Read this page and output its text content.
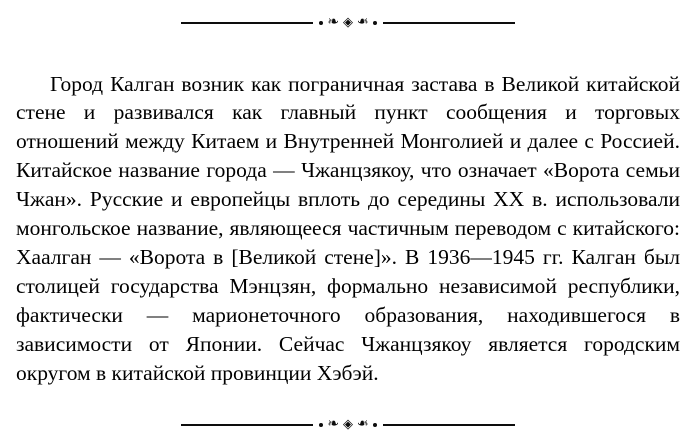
❧ ◈ ❧

Город Калган возник как пограничная застава в Великой китайской стене и развивался как главный пункт сообщения и торговых отношений между Китаем и Внутренней Монголией и далее с Россией. Китайское название города — Чжанцзякоу, что означает «Ворота семьи Чжан». Русские и европейцы вплоть до середины XX в. использовали монгольское название, являющееся частичным переводом с китайского: Хаалган — «Ворота в [Великой стене]». В 1936—1945 гг. Калган был столицей государства Мэнцзян, формально независимой республики, фактически — марионеточного образования, находившегося в зависимости от Японии. Сейчас Чжанцзякоу является городским округом в китайской провинции Хэбэй.

❧ ◈ ❧
